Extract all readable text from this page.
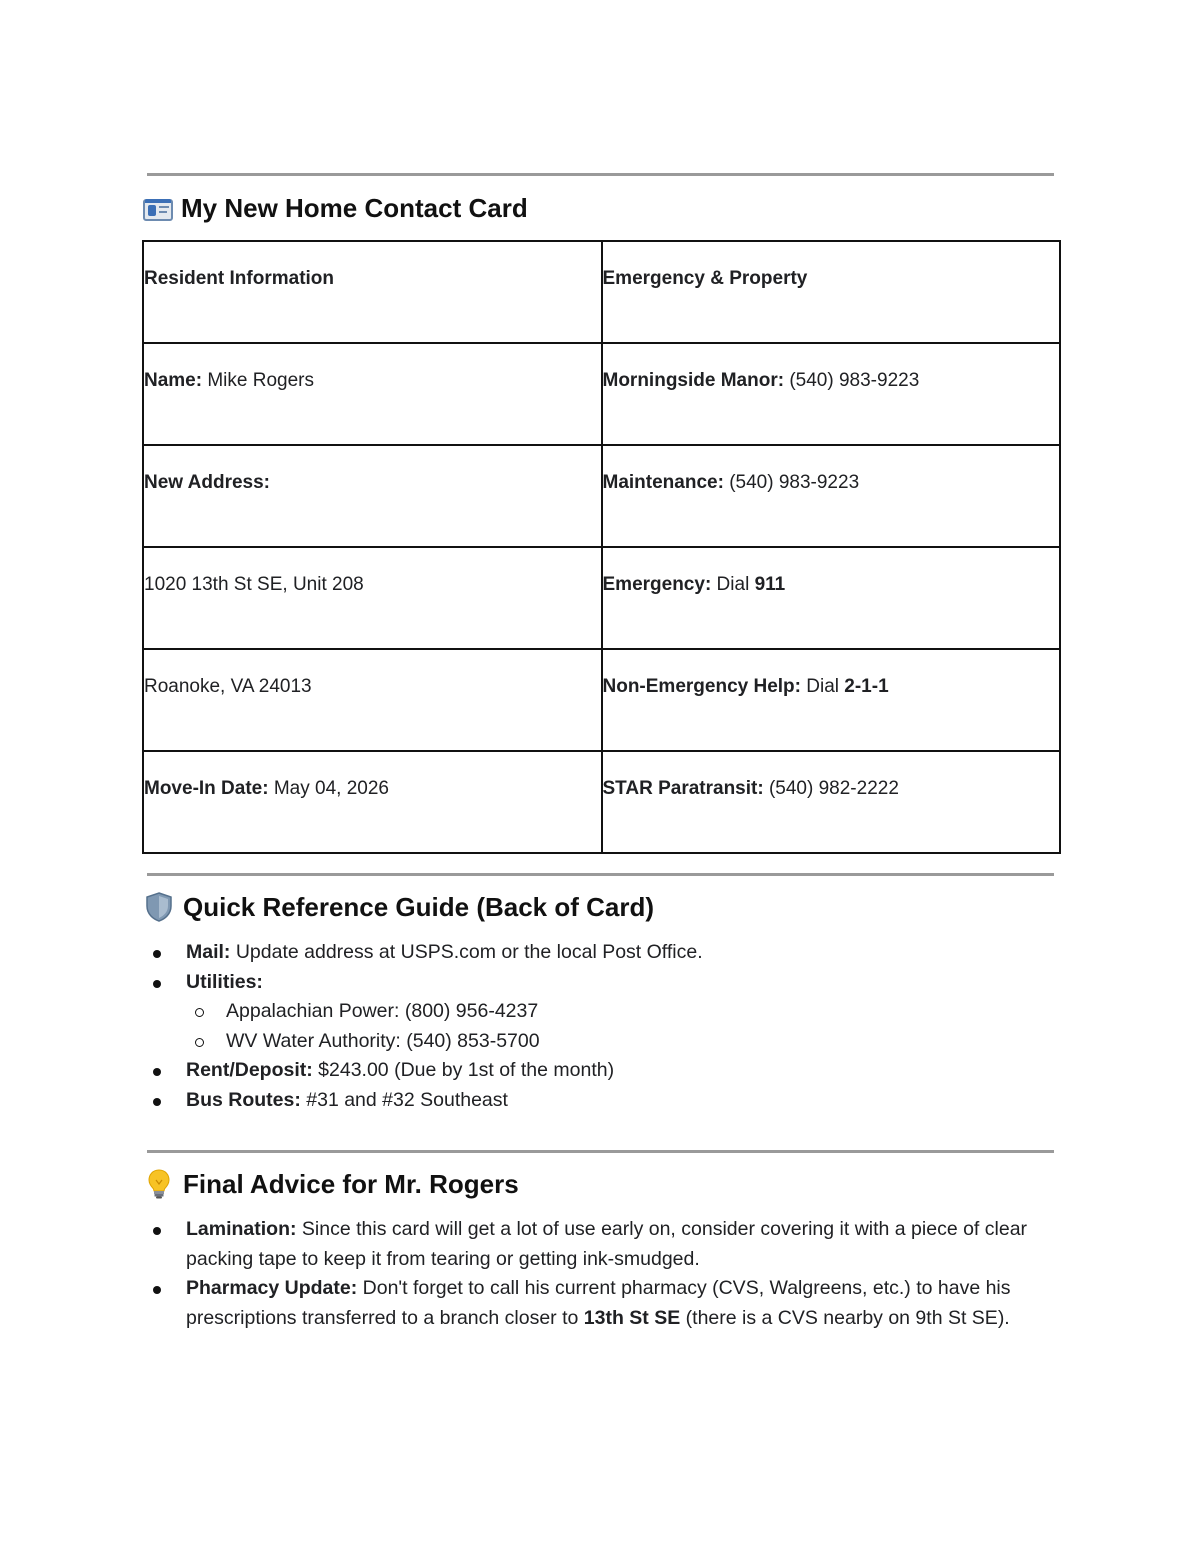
My New Home Contact Card
Resident Information	Emergency & Property
Name: Mike Rogers	Morningside Manor: (540) 983-9223
New Address:	Maintenance: (540) 983-9223
1020 13th St SE, Unit 208	Emergency: Dial 911
Roanoke, VA 24013	Non-Emergency Help: Dial 2-1-1
Move-In Date: May 04, 2026	STAR Paratransit: (540) 982-2222
Quick Reference Guide (Back of Card)
Mail: Update address at USPS.com or the local Post Office.
Utilities:
Appalachian Power: (800) 956-4237
WV Water Authority: (540) 853-5700
Rent/Deposit: $243.00 (Due by 1st of the month)
Bus Routes: #31 and #32 Southeast
Final Advice for Mr. Rogers
Lamination: Since this card will get a lot of use early on, consider covering it with a piece of clear packing tape to keep it from tearing or getting ink-smudged.
Pharmacy Update: Don't forget to call his current pharmacy (CVS, Walgreens, etc.) to have his prescriptions transferred to a branch closer to 13th St SE (there is a CVS nearby on 9th St SE).
